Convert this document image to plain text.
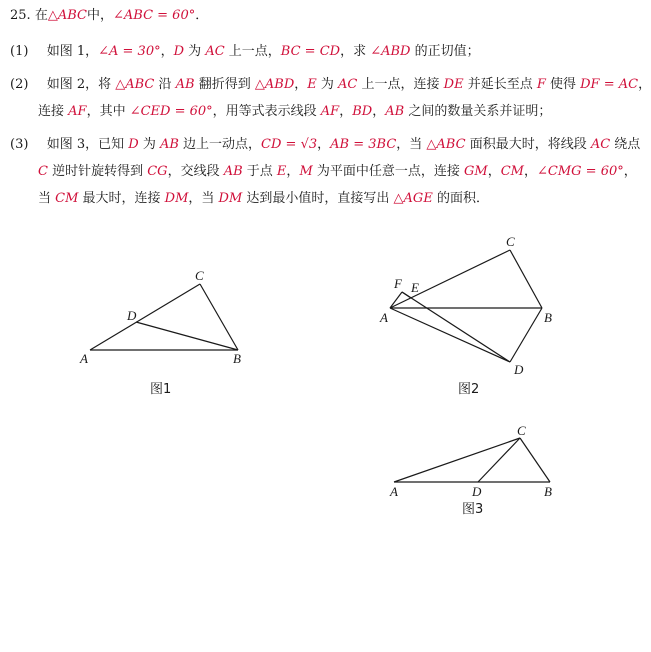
25. 在△ABC中，∠ABC = 60°．
(1) 如图 1，∠A = 30°，D 为 AC 上一点，BC = CD，求 ∠ABD 的正切值；
(2) 如图 2，将 △ABC 沿 AB 翻折得到 △ABD，E 为 AC 上一点，连接 DE 并延长至点 F 使得 DF = AC，
连接 AF，其中 ∠CED = 60°，用等式表示线段 AF，BD，AB 之间的数量关系并证明；
(3) 如图 3，已知 D 为 AB 边上一动点，CD = √3，AB = 3BC，当 △ABC 面积最大时，将线段 AC 绕点
C 逆时针旋转得到 CG，交线段 AB 于点 E，M 为平面中任意一点，连接 GM，CM，∠CMG = 60°，
当 CM 最大时，连接 DM，当 DM 达到最小值时，直接写出 △AGE 的面积．
A	B
C
D
图1
A	B
C
D
E
F
图2
A	B
C
D
图3
